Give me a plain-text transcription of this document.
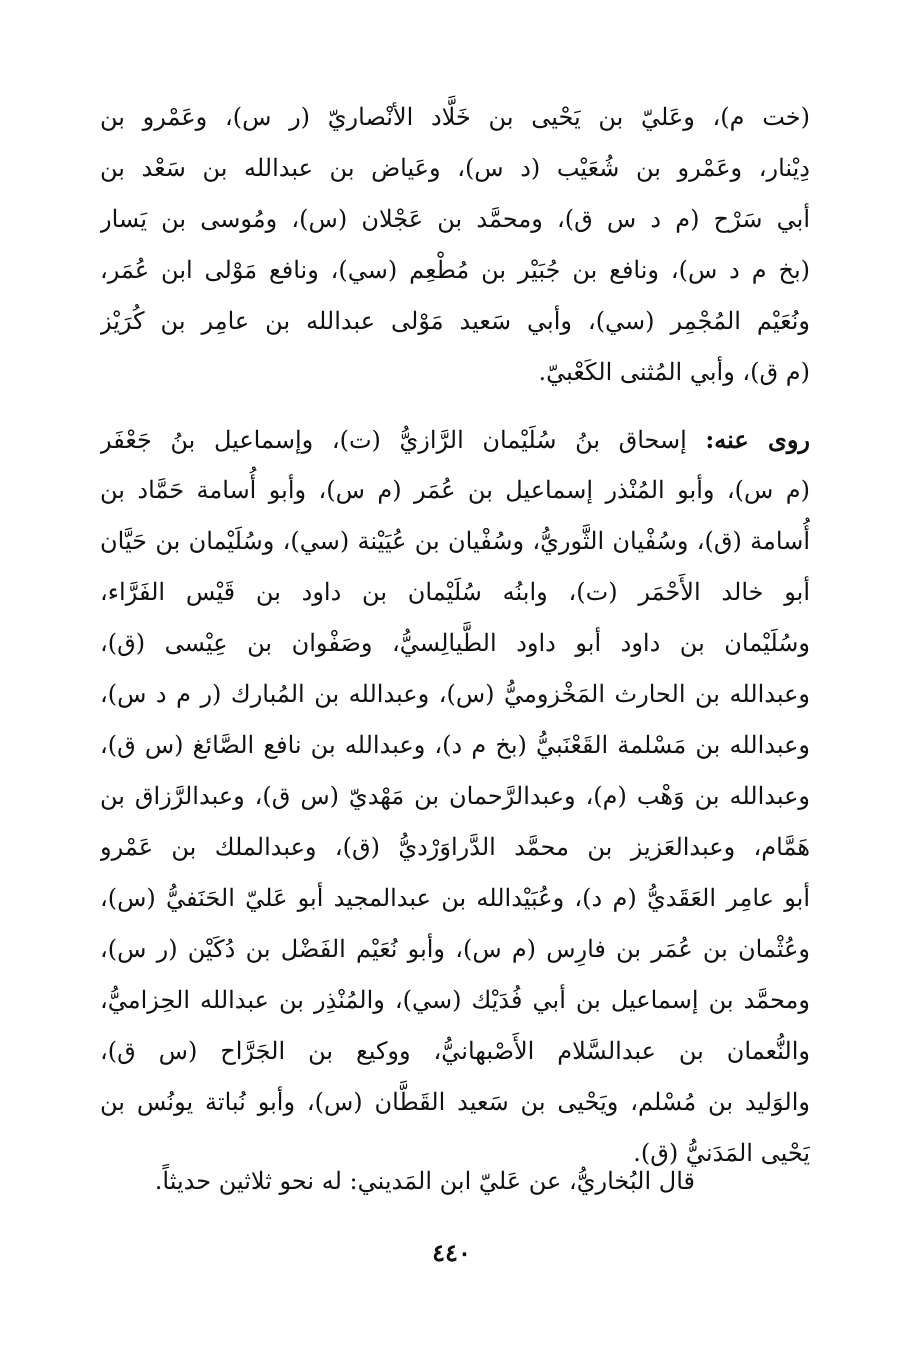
(خت م)، وعَليّ بن يَحْيى بن خَلَّاد الأنْصاريّ (ر س)، وعَمْرو بن
دِيْنار، وعَمْرو بن شُعَيْب (د س)، وعَياض بن عبدالله بن سَعْد بن
أبي سَرْح (م د س ق)، ومحمَّد بن عَجْلان (س)، ومُوسى بن يَسار
(بخ م د س)، ونافع بن جُبَيْر بن مُطْعِم (سي)، ونافع مَوْلى ابن عُمَر،
ونُعَيْم المُجْمِر (سي)، وأبي سَعيد مَوْلى عبدالله بن عامِر بن كُرَيْز
(م ق)، وأبي المُثنى الكَعْبيّ.
روى عنه: إسحاق بنُ سُلَيْمان الرَّازيُّ (ت)، وإسماعيل بنُ جَعْفَر
(م س)، وأبو المُنْذر إسماعيل بن عُمَر (م س)، وأبو أُسامة حَمَّاد بن
أُسامة (ق)، وسُفْيان الثَّوريُّ، وسُفْيان بن عُيَيْنة (سي)، وسُلَيْمان بن حَيَّان
أبو خالد الأَحْمَر (ت)، وابنُه سُلَيْمان بن داود بن قَيْس الفَرَّاء،
وسُلَيْمان بن داود أبو داود الطَّيالِسيُّ، وصَفْوان بن عِيْسى (ق)،
وعبدالله بن الحارث المَخْزوميُّ (س)، وعبدالله بن المُبارك (ر م د س)،
وعبدالله بن مَسْلمة القَعْنَبيُّ (بخ م د)، وعبدالله بن نافع الصَّائغ (س ق)،
وعبدالله بن وَهْب (م)، وعبدالرَّحمان بن مَهْديّ (س ق)، وعبدالرَّزاق بن
هَمَّام، وعبدالعَزيز بن محمَّد الدَّراوَرْديُّ (ق)، وعبدالملك بن عَمْرو
أبو عامِر العَقَديُّ (م د)، وعُبَيْدالله بن عبدالمجيد أبو عَليّ الحَنَفيُّ (س)،
وعُثْمان بن عُمَر بن فارِس (م س)، وأبو نُعَيْم الفَضْل بن دُكَيْن (ر س)،
ومحمَّد بن إسماعيل بن أبي فُدَيْك (سي)، والمُنْذِر بن عبدالله الحِزاميُّ،
والنُّعمان بن عبدالسَّلام الأَصْبهانيُّ، ووكيع بن الجَرَّاح (س ق)،
والوَليد بن مُسْلم، ويَحْيى بن سَعيد القَطَّان (س)، وأبو نُباتة يونُس بن
يَحْيى المَدَنيُّ (ق).
قال البُخاريُّ، عن عَليّ ابن المَديني: له نحو ثلاثين حديثاً.
٤٤٠
